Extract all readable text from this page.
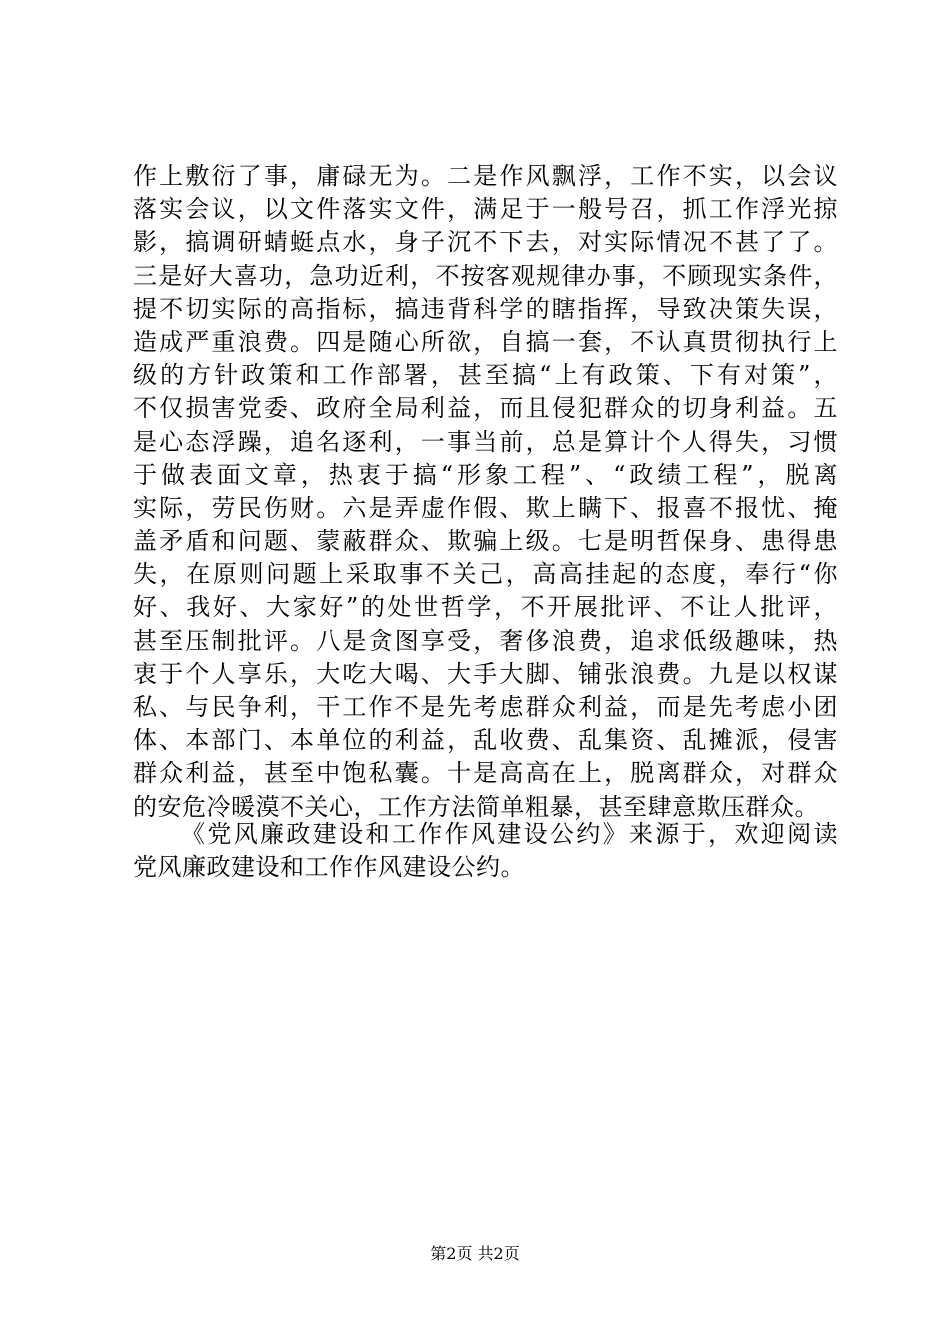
作上敷衍了事，庸碌无为。二是作风飘浮，工作不实，以会议
落实会议，以文件落实文件，满足于一般号召，抓工作浮光掠
影，搞调研蜻蜓点水，身子沉不下去，对实际情况不甚了了。
三是好大喜功，急功近利，不按客观规律办事，不顾现实条件，
提不切实际的高指标，搞违背科学的瞎指挥，导致决策失误，
造成严重浪费。四是随心所欲，自搞一套，不认真贯彻执行上
级的方针政策和工作部署，甚至搞“上有政策、下有对策”，
不仅损害党委、政府全局利益，而且侵犯群众的切身利益。五
是心态浮躁，追名逐利，一事当前，总是算计个人得失，习惯
于做表面文章，热衷于搞“形象工程”、“政绩工程”，脱离
实际，劳民伤财。六是弄虚作假、欺上瞒下、报喜不报忧、掩
盖矛盾和问题、蒙蔽群众、欺骗上级。七是明哲保身、患得患
失，在原则问题上采取事不关己，高高挂起的态度，奉行“你
好、我好、大家好”的处世哲学，不开展批评、不让人批评，
甚至压制批评。八是贪图享受，奢侈浪费，追求低级趣味，热
衷于个人享乐，大吃大喝、大手大脚、铺张浪费。九是以权谋
私、与民争利，干工作不是先考虑群众利益，而是先考虑小团
体、本部门、本单位的利益，乱收费、乱集资、乱摊派，侵害
群众利益，甚至中饱私囊。十是高高在上，脱离群众，对群众
的安危冷暖漠不关心，工作方法简单粗暴，甚至肆意欺压群众。
《党风廉政建设和工作作风建设公约》来源于，欢迎阅读
党风廉政建设和工作作风建设公约。
第2页 共2页
